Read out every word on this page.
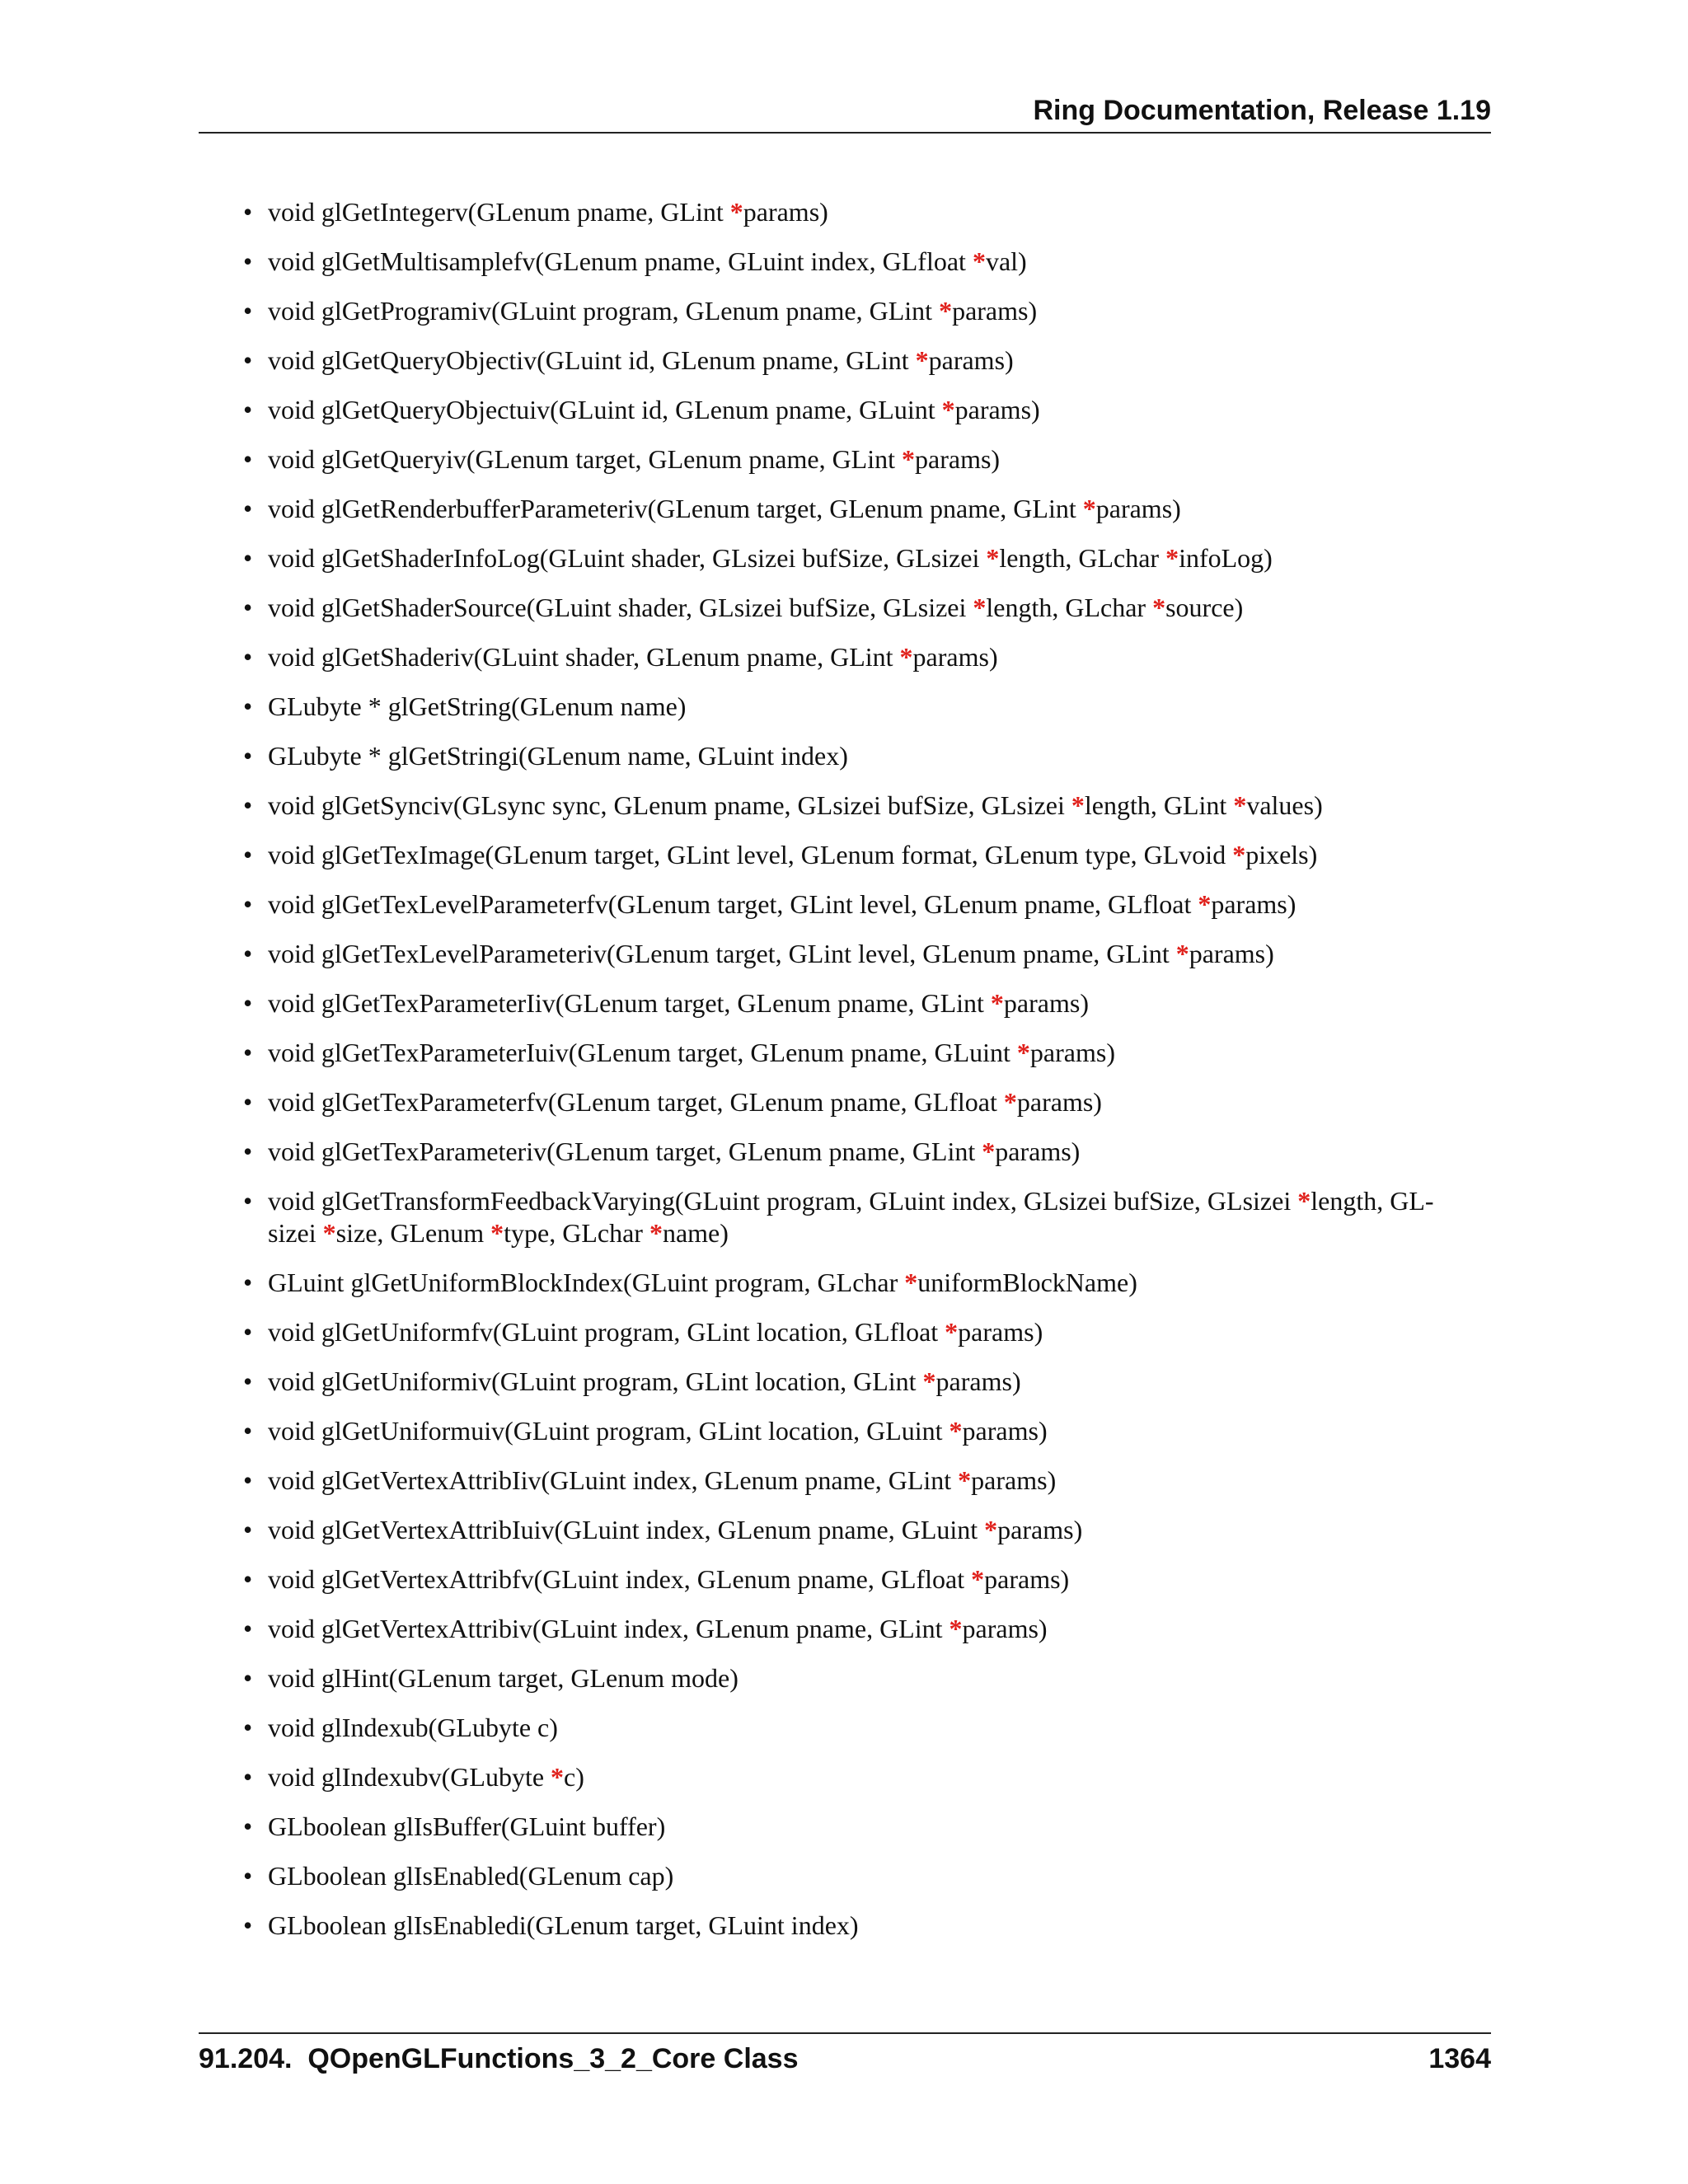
Ring Documentation, Release 1.19
• void glGetIntegerv(GLenum pname, GLint *params)
• void glGetMultisamplefv(GLenum pname, GLuint index, GLfloat *val)
• void glGetProgramiv(GLuint program, GLenum pname, GLint *params)
• void glGetQueryObjectiv(GLuint id, GLenum pname, GLint *params)
• void glGetQueryObjectuiv(GLuint id, GLenum pname, GLuint *params)
• void glGetQueryiv(GLenum target, GLenum pname, GLint *params)
• void glGetRenderbufferParameteriv(GLenum target, GLenum pname, GLint *params)
• void glGetShaderInfoLog(GLuint shader, GLsizei bufSize, GLsizei *length, GLchar *infoLog)
• void glGetShaderSource(GLuint shader, GLsizei bufSize, GLsizei *length, GLchar *source)
• void glGetShaderiv(GLuint shader, GLenum pname, GLint *params)
• GLubyte * glGetString(GLenum name)
• GLubyte * glGetStringi(GLenum name, GLuint index)
• void glGetSynciv(GLsync sync, GLenum pname, GLsizei bufSize, GLsizei *length, GLint *values)
• void glGetTexImage(GLenum target, GLint level, GLenum format, GLenum type, GLvoid *pixels)
• void glGetTexLevelParameterfv(GLenum target, GLint level, GLenum pname, GLfloat *params)
• void glGetTexLevelParameteriv(GLenum target, GLint level, GLenum pname, GLint *params)
• void glGetTexParameterIiv(GLenum target, GLenum pname, GLint *params)
• void glGetTexParameterIuiv(GLenum target, GLenum pname, GLuint *params)
• void glGetTexParameterfv(GLenum target, GLenum pname, GLfloat *params)
• void glGetTexParameteriv(GLenum target, GLenum pname, GLint *params)
• void glGetTransformFeedbackVarying(GLuint program, GLuint index, GLsizei bufSize, GLsizei *length, GL-
sizei *size, GLenum *type, GLchar *name)
• GLuint glGetUniformBlockIndex(GLuint program, GLchar *uniformBlockName)
• void glGetUniformfv(GLuint program, GLint location, GLfloat *params)
• void glGetUniformiv(GLuint program, GLint location, GLint *params)
• void glGetUniformuiv(GLuint program, GLint location, GLuint *params)
• void glGetVertexAttribIiv(GLuint index, GLenum pname, GLint *params)
• void glGetVertexAttribIuiv(GLuint index, GLenum pname, GLuint *params)
• void glGetVertexAttribfv(GLuint index, GLenum pname, GLfloat *params)
• void glGetVertexAttribiv(GLuint index, GLenum pname, GLint *params)
• void glHint(GLenum target, GLenum mode)
• void glIndexub(GLubyte c)
• void glIndexubv(GLubyte *c)
• GLboolean glIsBuffer(GLuint buffer)
• GLboolean glIsEnabled(GLenum cap)
• GLboolean glIsEnabledi(GLenum target, GLuint index)
91.204.  QOpenGLFunctions_3_2_Core Class	1364
